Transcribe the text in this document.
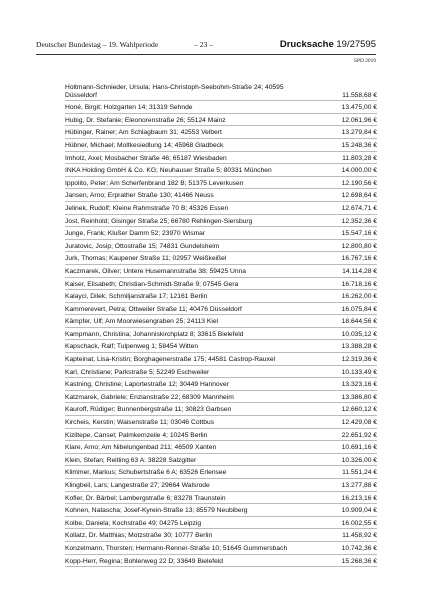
Deutscher Bundestag – 19. Wahlperiode	– 23 –	Drucksache 19/27595
SPD 2019
Holtmann-Schnieder, Ursula; Hans-Christoph-Seebohm-Straße 24; 40595 Düsseldorf	11.558,68 €
Honé, Birgit; Holzgarten 14; 31319 Sehnde	13.475,00 €
Hubig, Dr. Stefanie; Eleonorenstraße 26; 55124 Mainz	12.061,96 €
Hübinger, Rainer; Am Schlagbaum 31; 42553 Velbert	13.279,84 €
Hübner, Michael; Moltkesiedlung 14; 45968 Gladbeck	15.248,36 €
Imholz, Axel; Mosbacher Straße 46; 65187 Wiesbaden	11.803,28 €
INKA Holding GmbH & Co. KG; Neuhauser Straße 5; 80331 München	14.000,00 €
Ippolito, Peter; Am Scherfenbrand 182 B; 51375 Leverkusen	12.190,56 €
Jansen, Arno; Erprather Straße 130; 41466 Neuss	12.698,64 €
Jelinek, Rudolf; Kleine Rahmstraße 70 B; 45326 Essen	12.674,71 €
Jost, Reinhold; Gisinger Straße 25; 66780 Rehlingen-Siersburg	12.352,36 €
Junge, Frank; Klußer Damm 52; 23970 Wismar	15.547,16 €
Juratovic, Josip; Ottostraße 15; 74831 Gundelsheim	12.800,80 €
Jurk, Thomas; Kaupener Straße 11; 02957 Weißkeißel	16.767,16 €
Kaczmarek, Oliver; Untere Husemannstraße 38; 59425 Unna	14.114,28 €
Kaiser, Elisabeth; Christian-Schmidt-Straße 9; 07545 Gera	16.718,16 €
Kalayci, Dilek; Schmiljanstraße 17; 12161 Berlin	16.262,00 €
Kammerevert, Petra; Ottweiler Straße 11; 40476 Düsseldorf	16.075,84 €
Kämpfer, Ulf; Am Moorwiesengraben 25; 24113 Kiel	18.644,56 €
Kampmann, Christina; Johanniskirchplatz 8; 33615 Bielefeld	10.035,12 €
Kapschack, Ralf; Tulpenweg 1; 58454 Witten	13.388,28 €
Kapteinat, Lisa-Kristin; Borghagenerstraße 175; 44581 Castrop-Rauxel	12.319,36 €
Karl, Christiane; Parkstraße 5; 52249 Eschweiler	10.133,49 €
Kastning, Christine; Laportestraße 12; 30449 Hannover	13.323,16 €
Katzmarek, Gabriele; Enzianstraße 22; 68309 Mannheim	13.386,80 €
Kauroff, Rüdiger; Bunnenbergstraße 11; 30823 Garbsen	12.660,12 €
Kircheis, Kerstin; Waisenstraße 11; 03046 Cottbus	12.429,08 €
Kiziltepe, Cansel; Palmkernzeile 4; 10245 Berlin	22.651,92 €
Klare, Arno; Am Nibelungenbad 211; 46509 Xanten	10.691,16 €
Klein, Stefan; Reitling 63 A; 38228 Salzgitter	10.326,00 €
Klimmer, Markus; Schubertstraße 6 A; 63526 Erlensee	11.551,24 €
Klingbeil, Lars; Langestraße 27; 29664 Walsrode	13.277,88 €
Kofler, Dr. Bärbel; Lambergstraße 6; 83278 Traunstein	16.213,16 €
Kohnen, Natascha; Josef-Kyrein-Straße 13; 85579 Neubiberg	10.909,04 €
Kolbe, Daniela; Kochstraße 49; 04275 Leipzig	16.002,55 €
Kollatz, Dr. Matthias; Motzstraße 30; 10777 Berlin	11.458,92 €
Konzelmann, Thorsten; Hermann-Renner-Straße 10; 51645 Gummersbach	10.742,36 €
Kopp-Herr, Regina; Bohlenweg 22 D; 33649 Bielefeld	15.268,36 €
